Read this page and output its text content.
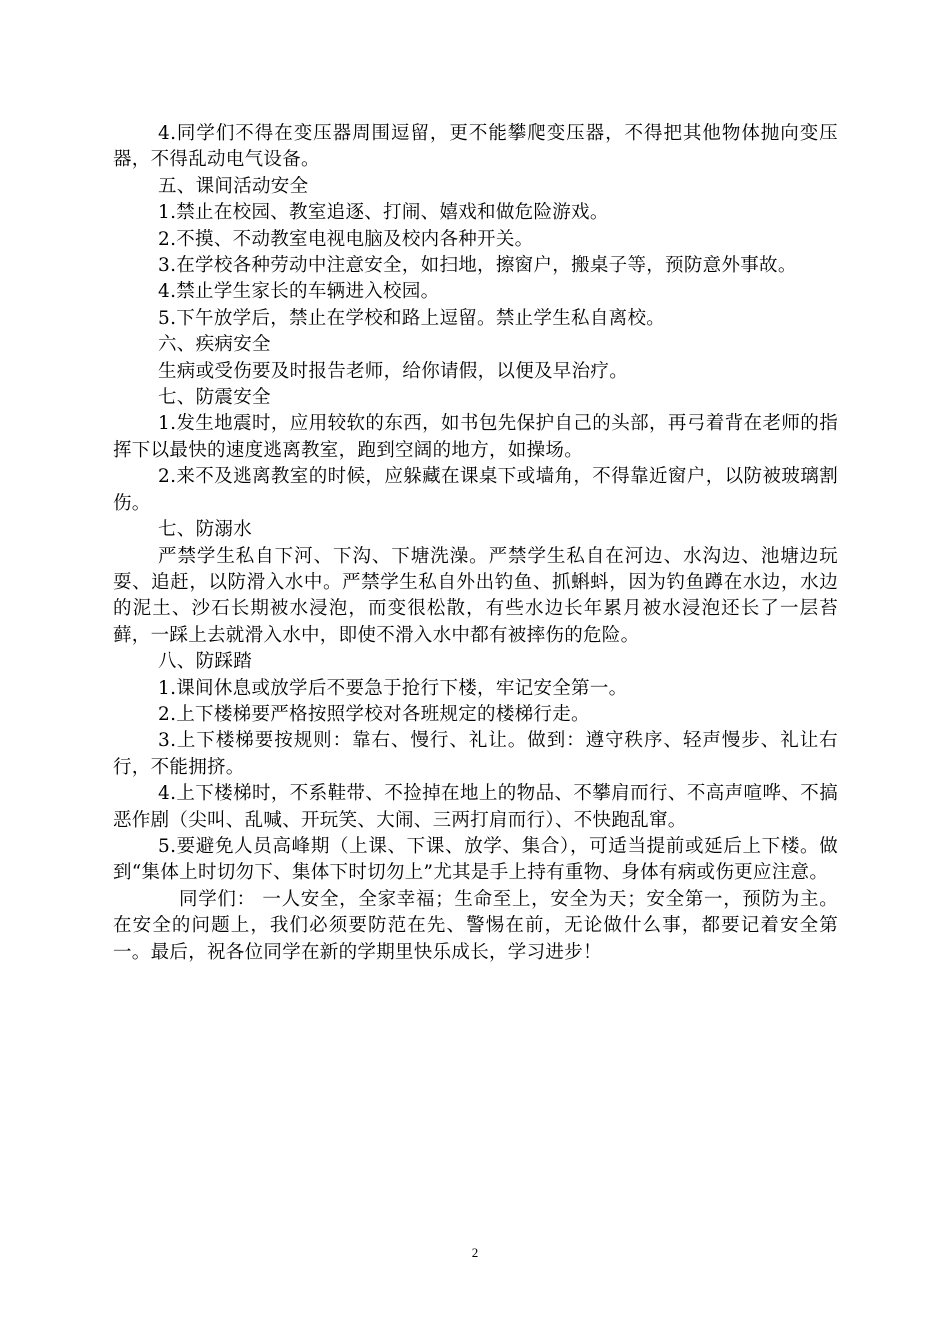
4.同学们不得在变压器周围逗留，更不能攀爬变压器，不得把其他物体抛向变压器，不得乱动电气设备。

五、课间活动安全

1.禁止在校园、教室追逐、打闹、嬉戏和做危险游戏。

2.不摸、不动教室电视电脑及校内各种开关。

3.在学校各种劳动中注意安全，如扫地，擦窗户，搬桌子等，预防意外事故。

4.禁止学生家长的车辆进入校园。

5.下午放学后，禁止在学校和路上逗留。禁止学生私自离校。

六、疾病安全

生病或受伤要及时报告老师，给你请假，以便及早治疗。

七、防震安全

1.发生地震时，应用较软的东西，如书包先保护自己的头部，再弓着背在老师的指挥下以最快的速度逃离教室，跑到空阔的地方，如操场。

2.来不及逃离教室的时候，应躲藏在课桌下或墙角，不得靠近窗户，以防被玻璃割伤。

七、防溺水

严禁学生私自下河、下沟、下塘洗澡。严禁学生私自在河边、水沟边、池塘边玩耍、追赶，以防滑入水中。严禁学生私自外出钓鱼、抓蝌蚪，因为钓鱼蹲在水边，水边的泥土、沙石长期被水浸泡，而变很松散，有些水边长年累月被水浸泡还长了一层苔藓，一踩上去就滑入水中，即使不滑入水中都有被摔伤的危险。

八、防踩踏

1.课间休息或放学后不要急于抢行下楼，牢记安全第一。

2.上下楼梯要严格按照学校对各班规定的楼梯行走。

3.上下楼梯要按规则：靠右、慢行、礼让。做到：遵守秩序、轻声慢步、礼让右行，不能拥挤。

4.上下楼梯时，不系鞋带、不捡掉在地上的物品、不攀肩而行、不高声喧哗、不搞恶作剧（尖叫、乱喊、开玩笑、大闹、三两打肩而行）、不快跑乱窜。

5.要避免人员高峰期（上课、下课、放学、集合），可适当提前或延后上下楼。做到“集体上时切勿下、集体下时切勿上”尤其是手上持有重物、身体有病或伤更应注意。

同学们： 一人安全，全家幸福；生命至上，安全为天；安全第一，预防为主。在安全的问题上，我们必须要防范在先、警惕在前，无论做什么事，都要记着安全第一。最后，祝各位同学在新的学期里快乐成长，学习进步！

2
